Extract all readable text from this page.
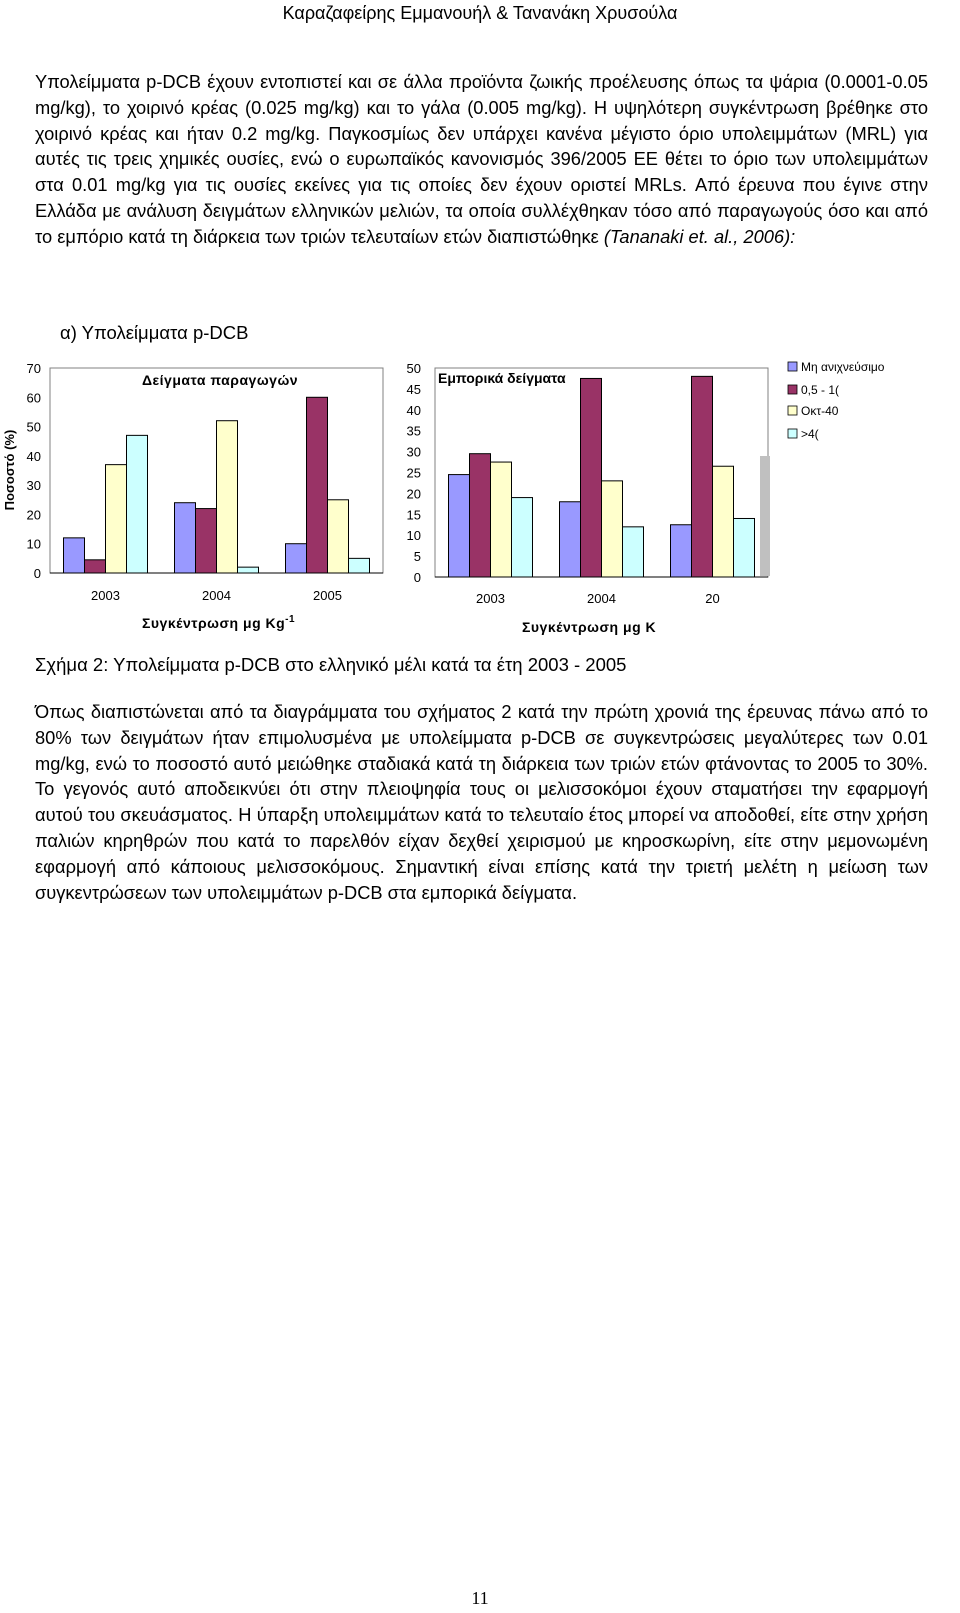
Καραζαφείρης Εμμανουήλ & Τανανάκη Χρυσούλα

Υπολείμματα p-DCB έχουν εντοπιστεί και σε άλλα προϊόντα ζωικής προέλευσης όπως τα ψάρια (0.0001-0.05 mg/kg), το χοιρινό κρέας (0.025 mg/kg) και το γάλα (0.005 mg/kg). Η υψηλότερη συγκέντρωση βρέθηκε στο χοιρινό κρέας και ήταν 0.2 mg/kg. Παγκοσμίως δεν υπάρχει κανένα μέγιστο όριο υπολειμμάτων (MRL) για αυτές τις τρεις χημικές ουσίες, ενώ ο ευρωπαϊκός κανονισμός 396/2005 ΕΕ θέτει το όριο των υπολειμμάτων στα 0.01 mg/kg για τις ουσίες εκείνες για τις οποίες δεν έχουν οριστεί MRLs. Από έρευνα που έγινε στην Ελλάδα με ανάλυση δειγμάτων ελληνικών μελιών, τα οποία συλλέχθηκαν τόσο από παραγωγούς όσο και από το εμπόριο κατά τη διάρκεια των τριών τελευταίων ετών διαπιστώθηκε (Tananaki et. al., 2006):

α) Υπολείμματα p-DCB
Δείγματα παραγωγών
Ποσοστό (%)
0
10
20
30
40
50
60
70
2003	2004	2005
Συγκέντρωση μg $Kg^{-1}$
Εμπορικά δείγματα
0
5
10
15
20
25
30
35
40
45
50
2003	2004	20
Συγκέντρωση μg K
Μη ανιχνεύσιμο
0,5 - 1(
Οκτ-40
>4(
Σχήμα 2: Υπολείμματα p-DCB στο ελληνικό μέλι κατά τα έτη 2003 - 2005

Όπως διαπιστώνεται από τα διαγράμματα του σχήματος 2 κατά την πρώτη χρονιά της έρευνας πάνω από το 80% των δειγμάτων ήταν επιμολυσμένα με υπολείμματα p-DCB σε συγκεντρώσεις μεγαλύτερες των 0.01 mg/kg, ενώ το ποσοστό αυτό μειώθηκε σταδιακά κατά τη διάρκεια των τριών ετών φτάνοντας το 2005 το 30%. Το γεγονός αυτό αποδεικνύει ότι στην πλειοψηφία τους οι μελισσοκόμοι έχουν σταματήσει την εφαρμογή αυτού του σκευάσματος. Η ύπαρξη υπολειμμάτων κατά το τελευταίο έτος μπορεί να αποδοθεί, είτε στην χρήση παλιών κηρηθρών που κατά το παρελθόν είχαν δεχθεί χειρισμού με κηροσκωρίνη, είτε στην μεμονωμένη εφαρμογή από κάποιους μελισσοκόμους. Σημαντική είναι επίσης κατά την τριετή μελέτη η μείωση των συγκεντρώσεων των υπολειμμάτων p-DCB στα εμπορικά δείγματα.

11
